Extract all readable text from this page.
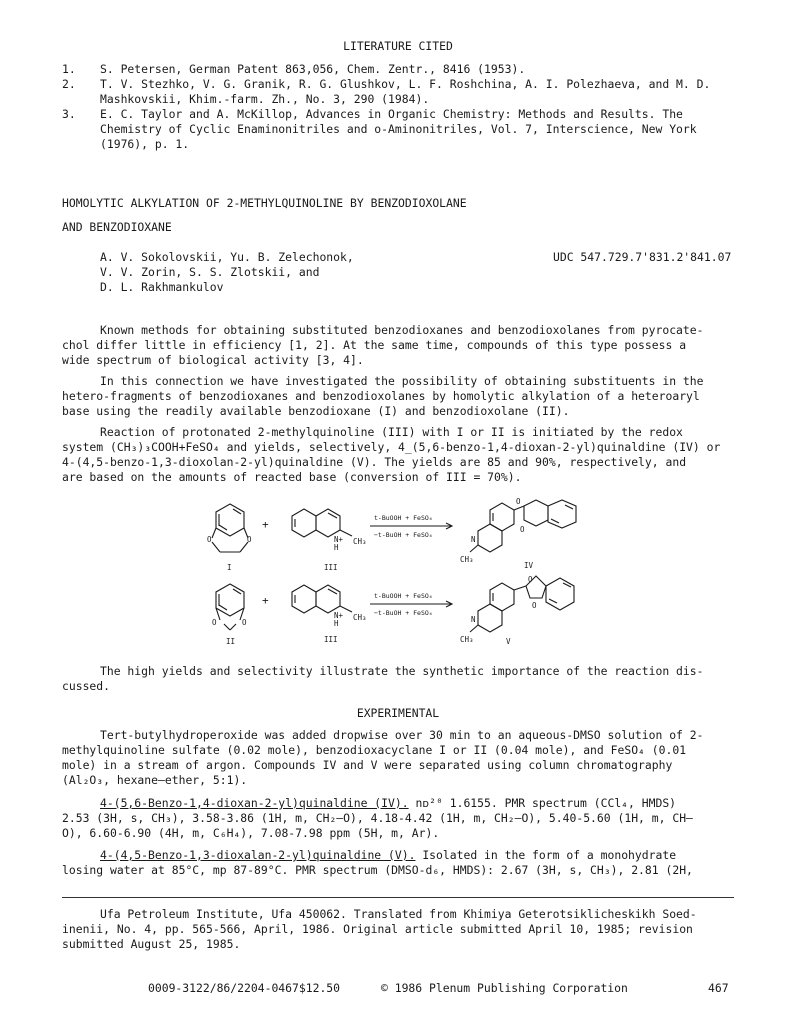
LITERATURE CITED
1. S. Petersen, German Patent 863,056, Chem. Zentr., 8416 (1953).
2. T. V. Stezhko, V. G. Granik, R. G. Glushkov, L. F. Roshchina, A. I. Polezhaeva, and M. D.
Mashkovskii, Khim.-farm. Zh., No. 3, 290 (1984).
3. E. C. Taylor and A. McKillop, Advances in Organic Chemistry: Methods and Results. The
Chemistry of Cyclic Enaminonitriles and o-Aminonitriles, Vol. 7, Interscience, New York
(1976), p. 1.
HOMOLYTIC ALKYLATION OF 2-METHYLQUINOLINE BY BENZODIOXOLANE
AND BENZODIOXANE
A. V. Sokolovskii, Yu. B. Zelechonok,
V. V. Zorin, S. S. Zlotskii, and
D. L. Rakhmankulov
UDC 547.729.7'831.2'841.07
Known methods for obtaining substituted benzodioxanes and benzodioxolanes from pyrocate-
chol differ little in efficiency [1, 2]. At the same time, compounds of this type possess a
wide spectrum of biological activity [3, 4].
In this connection we have investigated the possibility of obtaining substituents in the
hetero-fragments of benzodioxanes and benzodioxolanes by homolytic alkylation of a heteroaryl
base using the readily available benzodioxane (I) and benzodioxolane (II).
Reaction of protonated 2-methylquinoline (III) with I or II is initiated by the redox
system (CH₃)₃COOH+FeSO₄ and yields, selectively, 4_(5,6-benzo-1,4-dioxan-2-yl)quinaldine (IV) or
4-(4,5-benzo-1,3-dioxolan-2-yl)quinaldine (V). The yields are 85 and 90%, respectively, and
are based on the amounts of reacted base (conversion of III = 70%).
O	O
I
+
N+
H
CH₃
III
t-BuOOH + FeSO₄
−t-BuOH + FeSO₄	N
O
O
CH₃
IV
O	O
II
+
N+
H
CH₃
III
t-BuOOH + FeSO₄
−t-BuOH + FeSO₄
N
O
O
CH₃	V
The high yields and selectivity illustrate the synthetic importance of the reaction dis-
cussed.
EXPERIMENTAL
Tert-butylhydroperoxide was added dropwise over 30 min to an aqueous-DMSO solution of 2-
methylquinoline sulfate (0.02 mole), benzodioxacyclane I or II (0.04 mole), and FeSO₄ (0.01
mole) in a stream of argon. Compounds IV and V were separated using column chromatography
(Al₂O₃, hexane–ether, 5:1).
4-(5,6-Benzo-1,4-dioxan-2-yl)quinaldine (IV). nᴅ²⁰ 1.6155. PMR spectrum (CCl₄, HMDS)
2.53 (3H, s, CH₃), 3.58-3.86 (1H, m, CH₂–O), 4.18-4.42 (1H, m, CH₂–O), 5.40-5.60 (1H, m, CH–
O), 6.60-6.90 (4H, m, C₆H₄), 7.08-7.98 ppm (5H, m, Ar).
4-(4,5-Benzo-1,3-dioxalan-2-yl)quinaldine (V). Isolated in the form of a monohydrate
losing water at 85°C, mp 87-89°C. PMR spectrum (DMSO-d₆, HMDS): 2.67 (3H, s, CH₃), 2.81 (2H,
Ufa Petroleum Institute, Ufa 450062. Translated from Khimiya Geterotsiklicheskikh Soed-
inenii, No. 4, pp. 565-566, April, 1986. Original article submitted April 10, 1985; revision
submitted August 25, 1985.
0009-3122/86/2204-0467$12.50	© 1986 Plenum Publishing Corporation	467
